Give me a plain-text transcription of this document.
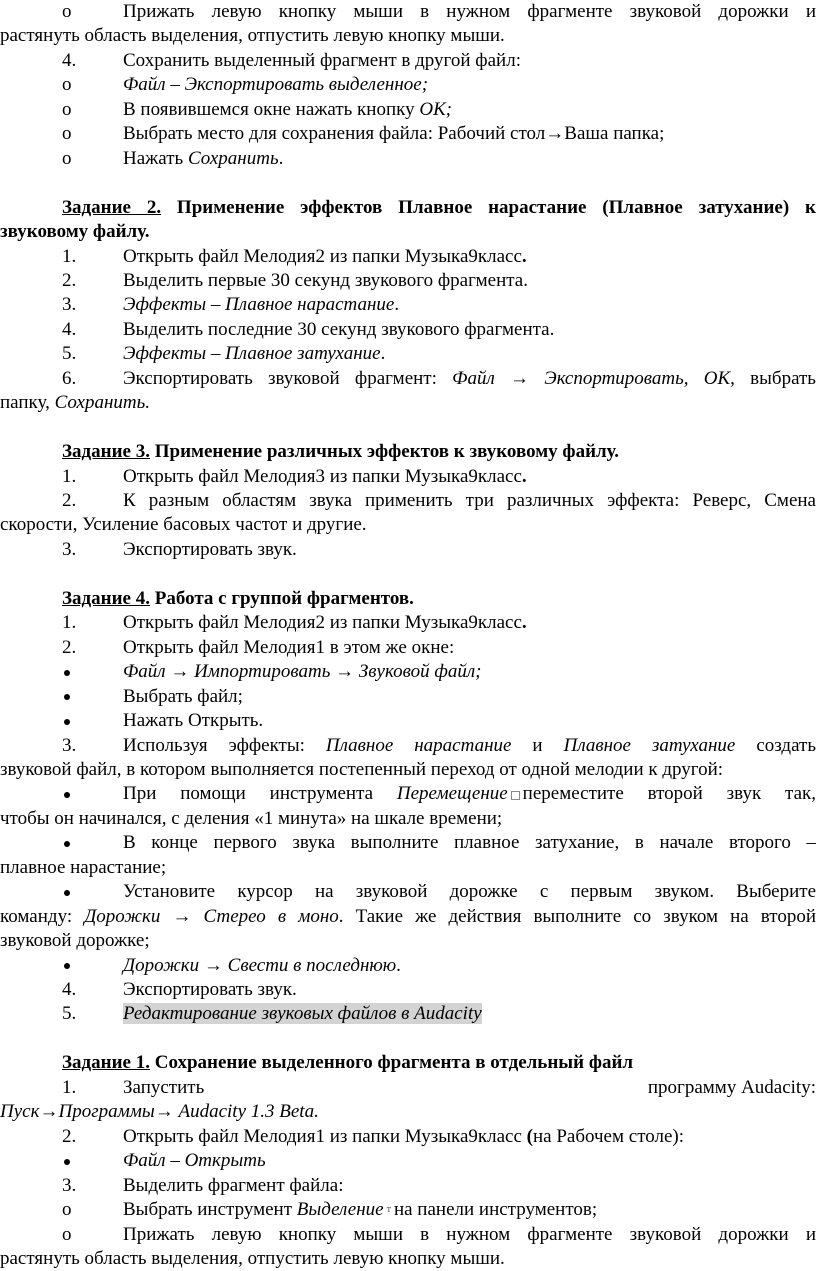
o	Прижать левую кнопку мыши в нужном фрагменте звуковой дорожки и
растянуть область выделения, отпустить левую кнопку мыши.
4. Сохранить выделенный фрагмент в другой файл:
o	Файл – Экспортировать выделенное;
o	В появившемся окне нажать кнопку ОК;
o	Выбрать место для сохранения файла: Рабочий стол→Ваша папка;
o	Нажать Сохранить.
Задание 2. Применение эффектов Плавное нарастание (Плавное затухание) к
звуковому файлу.
1. Открыть файл Мелодия2 из папки Музыка9класс.
2. Выделить первые 30 секунд звукового фрагмента.
3. Эффекты – Плавное нарастание.
4. Выделить последние 30 секунд звукового фрагмента.
5. Эффекты – Плавное затухание.
6. Экспортировать звуковой фрагмент: Файл → Экспортировать, ОК, выбрать
папку, Сохранить.
Задание 3. Применение различных эффектов к звуковому файлу.
1. Открыть файл Мелодия3 из папки Музыка9класс.
2. К разным областям звука применить три различных эффекта: Реверс, Смена
скорости, Усиление басовых частот и другие.
3. Экспортировать звук.
Задание 4. Работа с группой фрагментов.
1. Открыть файл Мелодия2 из папки Музыка9класс.
2. Открыть файл Мелодия1 в этом же окне:
Файл → Импортировать → Звуковой файл;
Выбрать файл;
Нажать Открыть.
3. Используя эффекты: Плавное нарастание и Плавное затухание создать
звуковой файл, в котором выполняется постепенный переход от одной мелодии к другой:
При помощи инструмента Перемещение переместите второй звук так,
чтобы он начинался, с деления «1 минута» на шкале времени;
В конце первого звука выполните плавное затухание, в начале второго –
плавное нарастание;
Установите курсор на звуковой дорожке с первым звуком. Выберите
команду: Дорожки → Стерео в моно. Такие же действия выполните со звуком на второй
звуковой дорожке;
Дорожки → Свести в последнюю.
4. Экспортировать звук.
5. Редактирование звуковых файлов в Audacity
Задание 1. Сохранение выделенного фрагмента в отдельный файл
1. Запустить	программу Audacity:
Пуск→Программы→ Audacity 1.3 Beta.
2. Открыть файл Мелодия1 из папки Музыка9класс (на Рабочем столе):
Файл – Открыть
3. Выделить фрагмент файла:
o	Выбрать инструмент Выделение т на панели инструментов;
o	Прижать левую кнопку мыши в нужном фрагменте звуковой дорожки и
растянуть область выделения, отпустить левую кнопку мыши.
